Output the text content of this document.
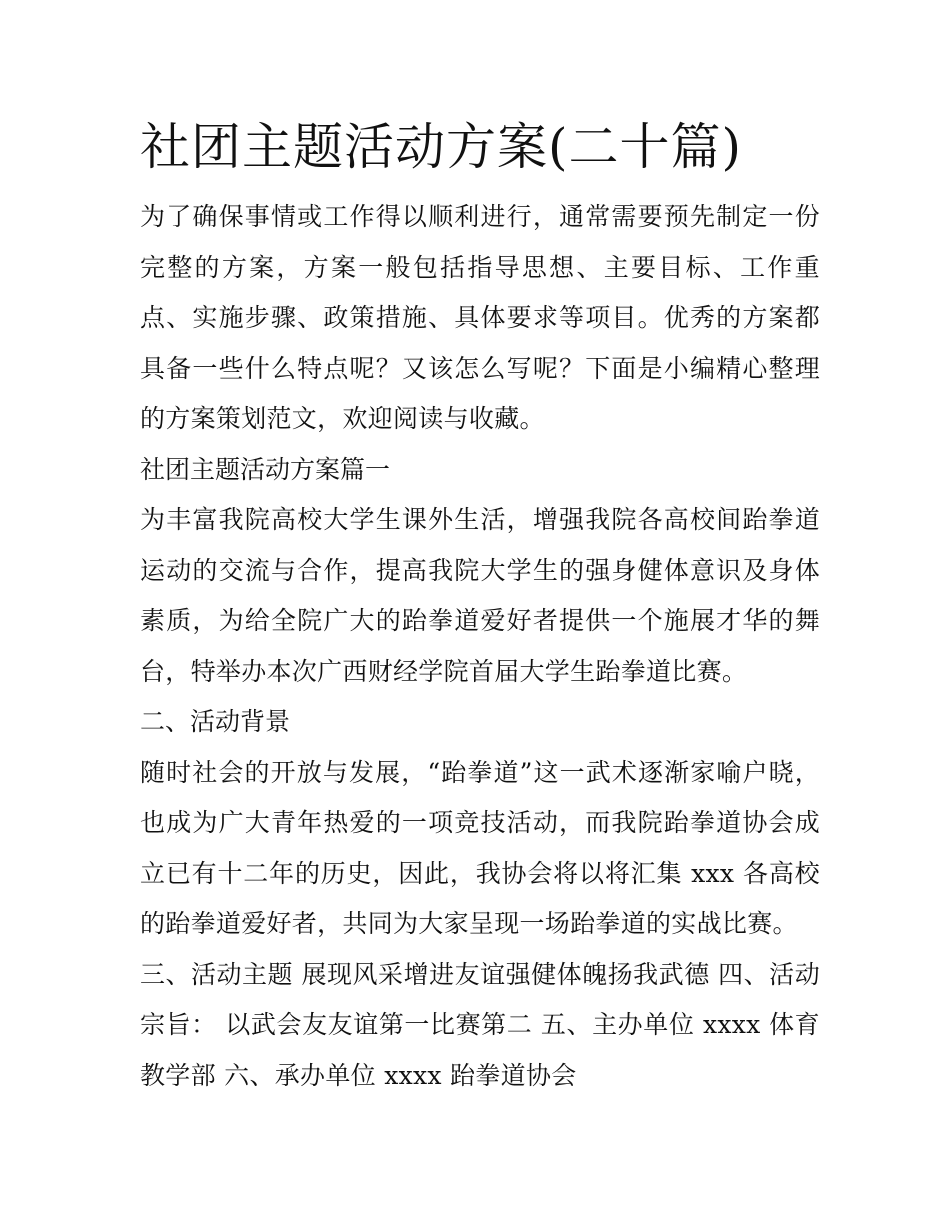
社团主题活动方案(二十篇)

为了确保事情或工作得以顺利进行，通常需要预先制定一份完整的方案，方案一般包括指导思想、主要目标、工作重点、实施步骤、政策措施、具体要求等项目。优秀的方案都具备一些什么特点呢？又该怎么写呢？下面是小编精心整理的方案策划范文，欢迎阅读与收藏。

社团主题活动方案篇一

为丰富我院高校大学生课外生活，增强我院各高校间跆拳道运动的交流与合作，提高我院大学生的强身健体意识及身体素质，为给全院广大的跆拳道爱好者提供一个施展才华的舞台，特举办本次广西财经学院首届大学生跆拳道比赛。

二、活动背景

随时社会的开放与发展，“跆拳道”这一武术逐渐家喻户晓，也成为广大青年热爱的一项竞技活动，而我院跆拳道协会成立已有十二年的历史，因此，我协会将以将汇集 xxx 各高校的跆拳道爱好者，共同为大家呈现一场跆拳道的实战比赛。

三、活动主题 展现风采增进友谊强健体魄扬我武德 四、活动宗旨： 以武会友友谊第一比赛第二 五、主办单位 xxxx 体育教学部 六、承办单位 xxxx 跆拳道协会
